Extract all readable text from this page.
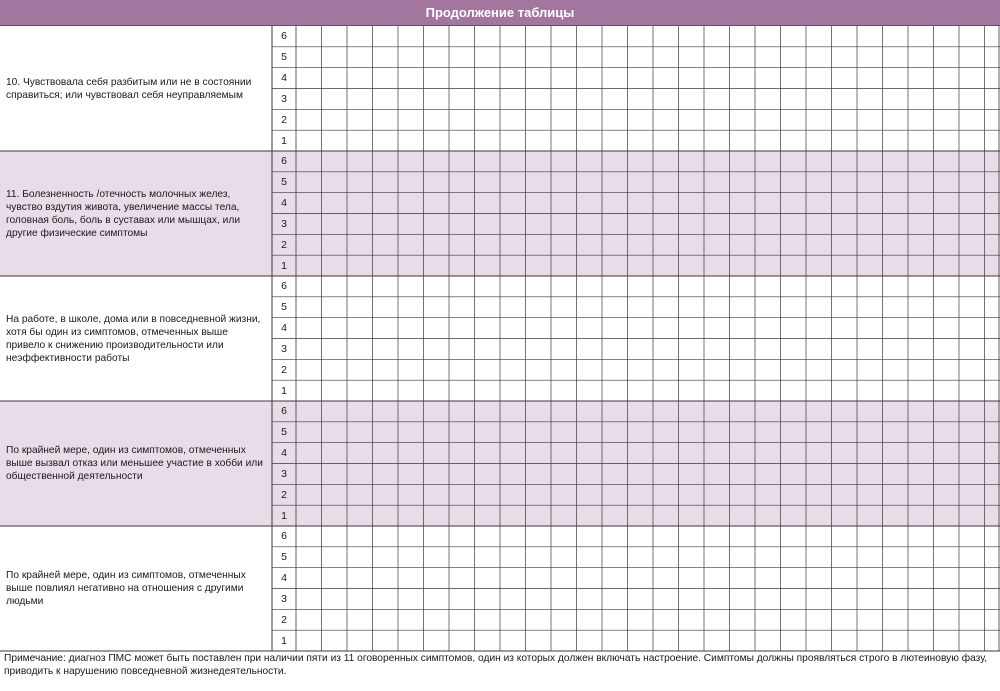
Продолжение таблицы
10. Чувствовала себя разбитым или не в состоянии справиться; или чувствовал себя неуправляемым
6
5
4
3
2
1
11. Болезненность /отечность молочных желез, чувство вздутия живота, увеличение массы тела, головная боль, боль в суставах или мышцах, или другие физические симптомы
6
5
4
3
2
1
На работе, в школе, дома или в повседневной жизни, хотя бы один из симптомов, отмеченных выше привело к снижению производительности или неэффективности работы
6
5
4
3
2
1
По крайней мере, один из симптомов, отмеченных выше вызвал отказ или меньшее участие в хобби или общественной деятельности
6
5
4
3
2
1
По крайней мере, один из симптомов, отмеченных выше повлиял негативно на отношения с другими людьми
6
5
4
3
2
1
Примечание: диагноз ПМС может быть поставлен при наличии пяти из 11 оговоренных симптомов, один из которых должен включать настроение. Симптомы должны проявляться строго в лютеиновую фазу, приводить к нарушению повседневной жизнедеятельности.
